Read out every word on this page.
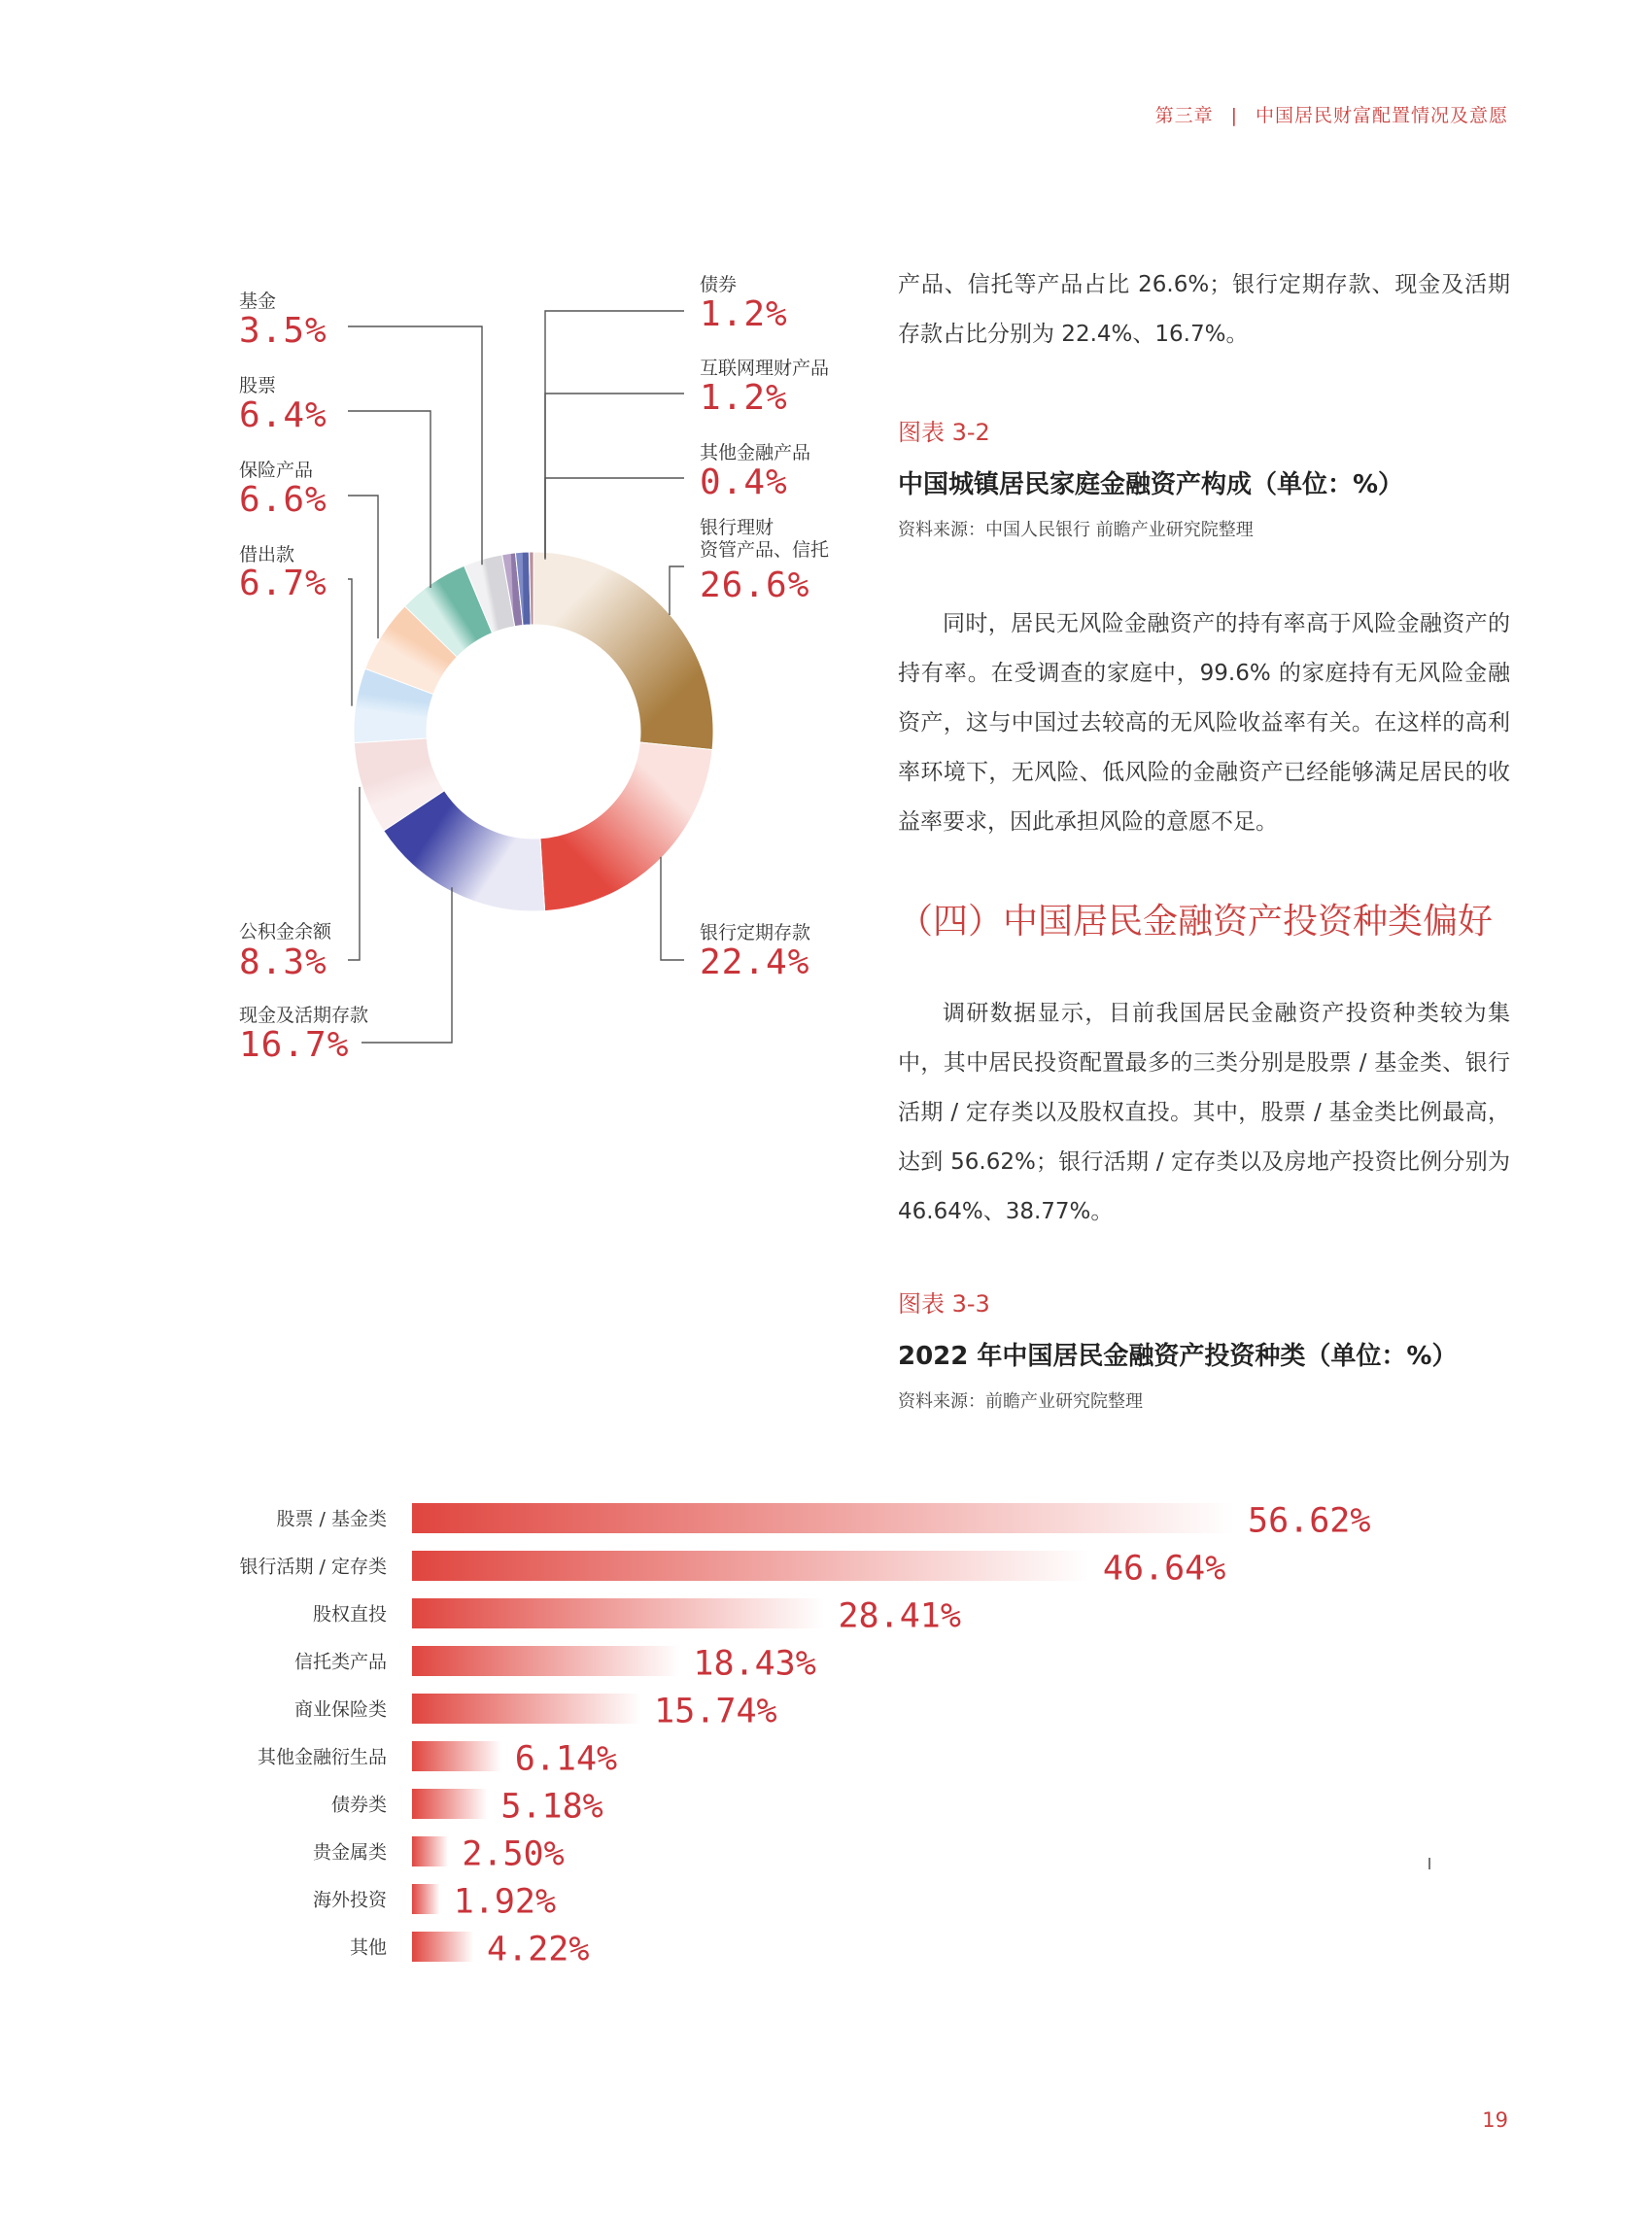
第三章 | 中国居民财富配置情况及意愿
银行理财
资管产品、信托
26.6%
银行定期存款
22.4%
现金及活期存款
16.7%
公积金余额
8.3%
借出款
6.7%
保险产品
6.6%
股票
6.4%
基金
3.5%
债券
1.2%
互联网理财产品
1.2%
其他金融产品
0.4%

产品、信托等产品占比 26.6%；银行定期存款、现金及活期存款占比分别为 22.4%、16.7%。

图表 3-2
中国城镇居民家庭金融资产构成（单位：%）
资料来源：中国人民银行 前瞻产业研究院整理

同时，居民无风险金融资产的持有率高于风险金融资产的持有率。在受调查的家庭中，99.6% 的家庭持有无风险金融资产，这与中国过去较高的无风险收益率有关。在这样的高利率环境下，无风险、低风险的金融资产已经能够满足居民的收益率要求，因此承担风险的意愿不足。

（四）中国居民金融资产投资种类偏好

调研数据显示，目前我国居民金融资产投资种类较为集中，其中居民投资配置最多的三类分别是股票 / 基金类、银行活期 / 定存类以及股权直投。其中，股票 / 基金类比例最高，达到 56.62%；银行活期 / 定存类以及房地产投资比例分别为 46.64%、38.77%。

图表 3-3
2022 年中国居民金融资产投资种类（单位：%）
资料来源：前瞻产业研究院整理
股票 / 基金类	56.62%
银行活期 / 定存类	46.64%
股权直投	28.41%
信托类产品	18.43%
商业保险类	15.74%
其他金融衍生品	6.14%
债券类	5.18%
贵金属类 2.50%
海外投资 1.92%
其他	4.22%
19
